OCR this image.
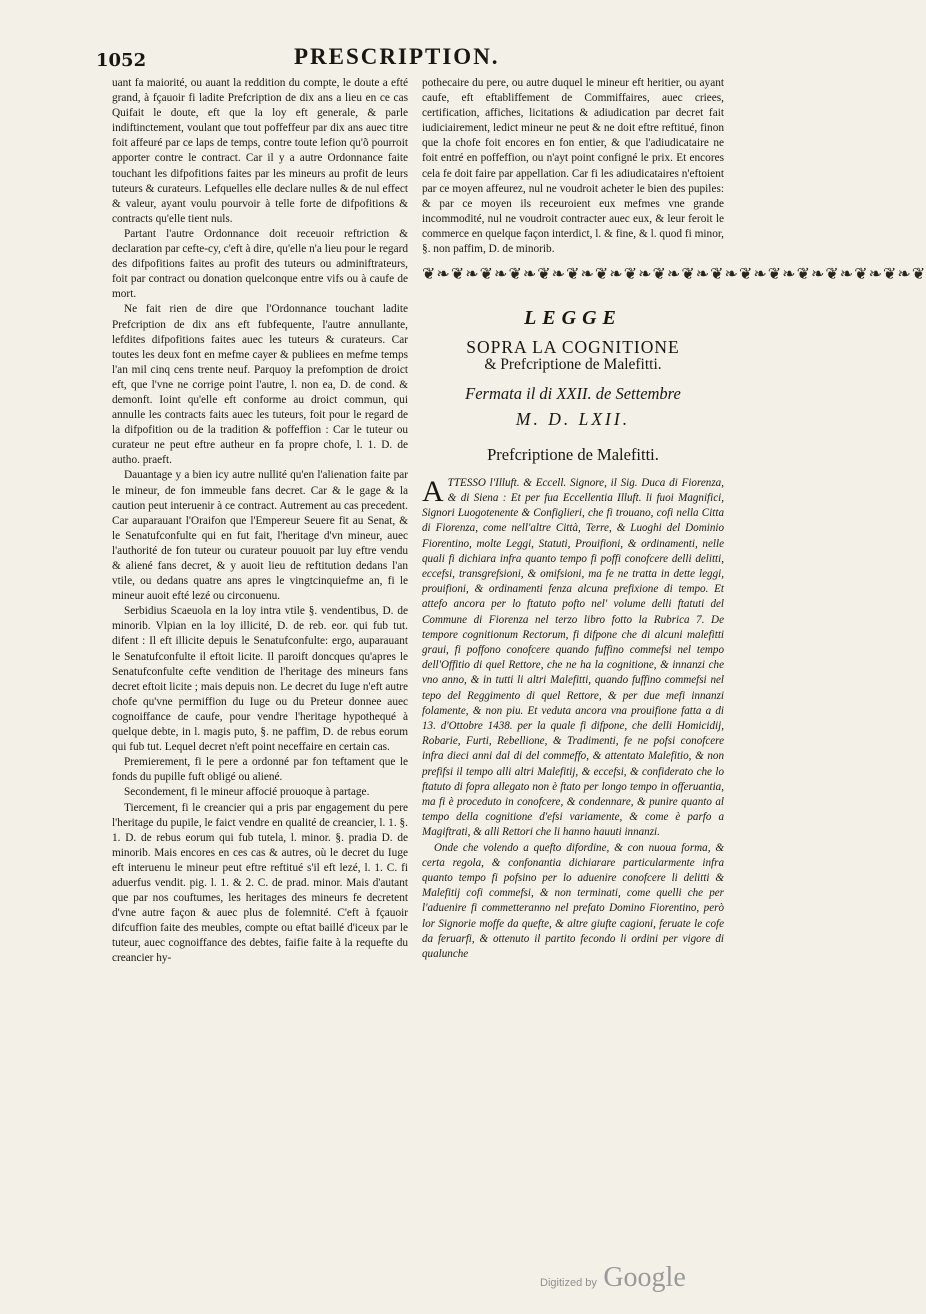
1052	PRESCRIPTION.

uant fa maiorité, ou auant la reddition du compte, le doute a efté grand, à fçauoir fi ladite Prefcription de dix ans a lieu en ce cas Quifait le doute, eft que la loy eft generale, & parle indiftinctement, voulant que tout poffeffeur par dix ans auec titre foit affeuré par ce laps de temps, contre toute lefion qu'õ pourroit apporter contre le contract. Car il y a autre Ordonnance faite touchant les difpofitions faites par les mineurs au profit de leurs tuteurs & curateurs. Lefquelles elle declare nulles & de nul effect & valeur, ayant voulu pourvoir à telle forte de difpofitions & contracts qu'elle tient nuls.

Partant l'autre Ordonnance doit receuoir reftriction & declaration par cefte-cy, c'eft à dire, qu'elle n'a lieu pour le regard des difpofitions faites au profit des tuteurs ou adminiftrateurs, foit par contract ou donation quelconque entre vifs ou à caufe de mort.

Ne fait rien de dire que l'Ordonnance touchant ladite Prefcription de dix ans eft fubfequente, l'autre annullante, lefdites difpofitions faites auec les tuteurs & curateurs. Car toutes les deux font en mefme cayer & publiees en mefme temps l'an mil cinq cens trente neuf. Parquoy la prefomption de droict eft, que l'vne ne corrige point l'autre, l. non ea, D. de cond. & demonft. Ioint qu'elle eft conforme au droict commun, qui annulle les contracts faits auec les tuteurs, foit pour le regard de la difpofition ou de la tradition & poffeffion : Car le tuteur ou curateur ne peut eftre autheur en fa propre chofe, l. 1. D. de autho. praeft.

Dauantage y a bien icy autre nullité qu'en l'alienation faite par le mineur, de fon immeuble fans decret. Car & le gage & la caution peut interuenir à ce contract. Autrement au cas precedent. Car auparauant l'Oraifon que l'Empereur Seuere fit au Senat, & le Senatufconfulte qui en fut fait, l'heritage d'vn mineur, auec l'authorité de fon tuteur ou curateur pouuoit par luy eftre vendu & aliené fans decret, & y auoit lieu de reftitution dedans l'an vtile, ou dedans quatre ans apres le vingtcinquiefme an, fi le mineur auoit efté lezé ou circonuenu.

Serbidius Scaeuola en la loy intra vtile §. vendentibus, D. de minorib. Vlpian en la loy illicité, D. de reb. eor. qui fub tut. difent : Il eft illicite depuis le Senatufconfulte: ergo, auparauant le Senatufconfulte il eftoit licite. Il paroift doncques qu'apres le Senatufconfulte cefte vendition de l'heritage des mineurs fans decret eftoit licite ; mais depuis non. Le decret du Iuge n'eft autre chofe qu'vne permiffion du Iuge ou du Preteur donnee auec cognoiffance de caufe, pour vendre l'heritage hypothequé à quelque debte, in l. magis puto, §. ne paffim, D. de rebus eorum qui fub tut. Lequel decret n'eft point neceffaire en certain cas.

Premierement, fi le pere a ordonné par fon teftament que le fonds du pupille fuft obligé ou aliené.

Secondement, fi le mineur affocié prouoque à partage.

Tiercement, fi le creancier qui a pris par engagement du pere l'heritage du pupile, le faict vendre en qualité de creancier, l. 1. §. 1. D. de rebus eorum qui fub tutela, l. minor. §. pradia D. de minorib. Mais encores en ces cas & autres, où le decret du Iuge eft interuenu le mineur peut eftre reftitué s'il eft lezé, l. 1. C. fi aduerfus vendit. pig. l. 1. & 2. C. de prad. minor. Mais d'autant que par nos couftumes, les heritages des mineurs fe decretent d'vne autre façon & auec plus de folemnité. C'eft à fçauoir difcuffion faite des meubles, compte ou eftat baillé d'iceux par le tuteur, auec cognoiffance des debtes, faifie faite à la requefte du creancier hy-

pothecaire du pere, ou autre duquel le mineur eft heritier, ou ayant caufe, eft eftabliffement de Commiffaires, auec criees, certification, affiches, licitations & adiudication par decret fait iudiciairement, ledict mineur ne peut & ne doit eftre reftitué, finon que la chofe foit encores en fon entier, & que l'adiudicataire ne foit entré en poffeffion, ou n'ayt point configné le prix. Et encores cela fe doit faire par appellation. Car fi les adiudicataires n'eftoient par ce moyen affeurez, nul ne voudroit acheter le bien des pupiles: & par ce moyen ils receuroient eux mefmes vne grande incommodité, nul ne voudroit contracter auec eux, & leur feroit le commerce en quelque façon interdict, l. & fine, & l. quod fi minor, §. non paffim, D. de minorib.

❦❧❦❧❦❧❦❧❦❧❦❧❦❧❦❧❦❧❦❧❦❧❦❧❦❧❦❧❦❧❦❧❦❧❦
LEGGE
SOPRA LA COGNITIONE
& Prefcriptione de Malefitti.
Fermata il di XXII. de Settembre
M. D. LXII.
Prefcriptione de Malefitti.

ATTESSO l'Illuft. & Eccell. Signore, il Sig. Duca di Fiorenza, & di Siena : Et per fua Eccellentia Illuft. li fuoi Magnifici, Signori Luogotenente & Configlieri, che fi trouano, cofi nella Citta di Fiorenza, come nell'altre Città, Terre, & Luoghi del Dominio Fiorentino, molte Leggi, Statuti, Prouifioni, & ordinamenti, nelle quali fi dichiara infra quanto tempo fi poffi conofcere delli delitti, eccefsi, transgrefsioni, & omifsioni, ma fe ne tratta in dette leggi, prouifioni, & ordinamenti fenza alcuna prefixione di tempo. Et attefo ancora per lo ftatuto pofto nel' volume delli ftatuti del Commune di Fiorenza nel terzo libro fotto la Rubrica 7. De tempore cognitionum Rectorum, fi difpone che di alcuni malefitti graui, fi poffono conofcere quando fuffino commefsi nel tempo dell'Offitio di quel Rettore, che ne ha la cognitione, & innanzi che vno anno, & in tutti li altri Malefitti, quando fuffino commefsi nel tepo del Reggimento di quel Rettore, & per due mefi innanzi folamente, & non piu. Et veduta ancora vna prouifione fatta a di 13. d'Ottobre 1438. per la quale fi difpone, che delli Homicidij, Robarie, Furti, Rebellione, & Tradimenti, fe ne pofsi conofcere infra dieci anni dal di del commeffo, & attentato Malefitio, & non prefifsi il tempo alli altri Malefitij, & eccefsi, & confiderato che lo ftatuto di fopra allegato non è ftato per longo tempo in offeruantia, ma fi è proceduto in conofcere, & condennare, & punire quanto al tempo della cognitione d'efsi variamente, & come è parfo a Magiftrati, & alli Rettori che li hanno hauuti innanzi.

Onde che volendo a quefto difordine, & con nuoua forma, & certa regola, & confonantia dichiarare particularmente infra quanto tempo fi pofsino per lo aduenire conofcere li delitti & Malefitij cofi commefsi, & non terminati, come quelli che per l'aduenire fi commetteranno nel prefato Domino Fiorentino, però lor Signorie moffe da quefte, & altre giufte cagioni, feruate le cofe da feruarfi, & ottenuto il partito fecondo li ordini per vigore di qualunche

Digitized by Google
